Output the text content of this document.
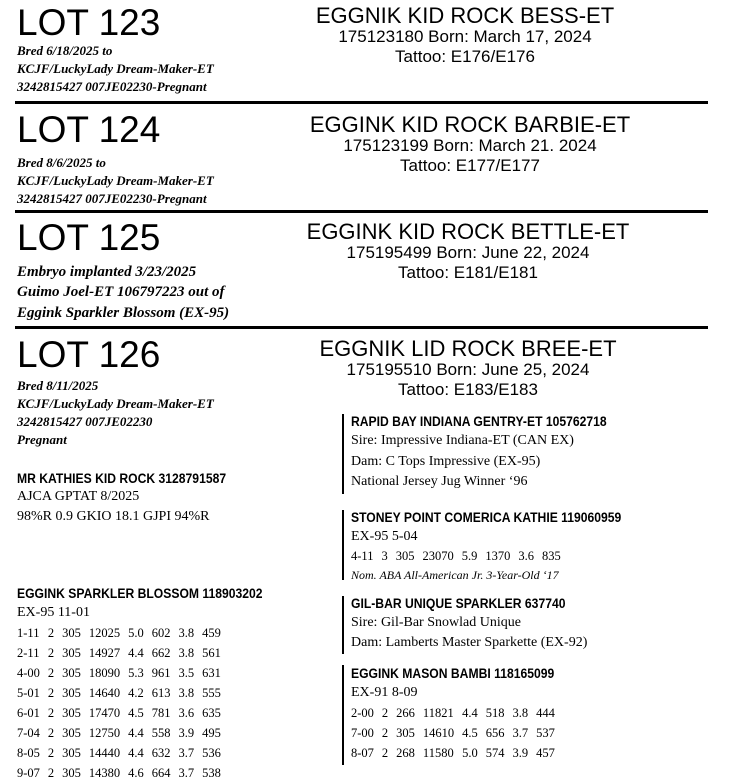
LOT 123	EGGNIK KID ROCK BESS-ET
175123180 Born: March 17, 2024
Tattoo: E176/E176
Bred 6/18/2025 to
KCJF/LuckyLady Dream-Maker-ET
3242815427 007JE02230-Pregnant
LOT 124	EGGINK KID ROCK BARBIE-ET
175123199 Born: March 21. 2024
Tattoo: E177/E177
Bred 8/6/2025 to
KCJF/LuckyLady Dream-Maker-ET
3242815427 007JE02230-Pregnant
LOT 125	EGGINK KID ROCK BETTLE-ET
175195499 Born: June 22, 2024
Tattoo: E181/E181
Embryo implanted 3/23/2025
Guimo Joel-ET 106797223 out of
Eggink Sparkler Blossom (EX-95)
LOT 126	EGGNIK LID ROCK BREE-ET
175195510 Born: June 25, 2024
Tattoo: E183/E183
Bred 8/11/2025
KCJF/LuckyLady Dream-Maker-ET
3242815427 007JE02230
Pregnant
MR KATHIES KID ROCK 3128791587
AJCA GPTAT 8/2025
98%R 0.9 GKIO 18.1 GJPI 94%R
EGGINK SPARKLER BLOSSOM 118903202
EX-95 11-01
1-11	2	305	12025	5.0	602	3.8	459
2-11	2	305	14927	4.4	662	3.8	561
4-00	2	305	18090	5.3	961	3.5	631
5-01	2	305	14640	4.2	613	3.8	555
6-01	2	305	17470	4.5	781	3.6	635
7-04	2	305	12750	4.4	558	3.9	495
8-05	2	305	14440	4.4	632	3.7	536
9-07	2	305	14380	4.6	664	3.7	538
RAPID BAY INDIANA GENTRY-ET 105762718
Sire: Impressive Indiana-ET (CAN EX)
Dam: C Tops Impressive (EX-95)
National Jersey Jug Winner ‘96
STONEY POINT COMERICA KATHIE 119060959
EX-95 5-04
4-11	3	305	23070	5.9	1370	3.6	835
Nom. ABA All-American Jr. 3-Year-Old ‘17
GIL-BAR UNIQUE SPARKLER 637740
Sire: Gil-Bar Snowlad Unique
Dam: Lamberts Master Sparkette (EX-92)
EGGINK MASON BAMBI 118165099
EX-91 8-09
2-00	2	266	11821	4.4	518	3.8	444
7-00	2	305	14610	4.5	656	3.7	537
8-07	2	268	11580	5.0	574	3.9	457
